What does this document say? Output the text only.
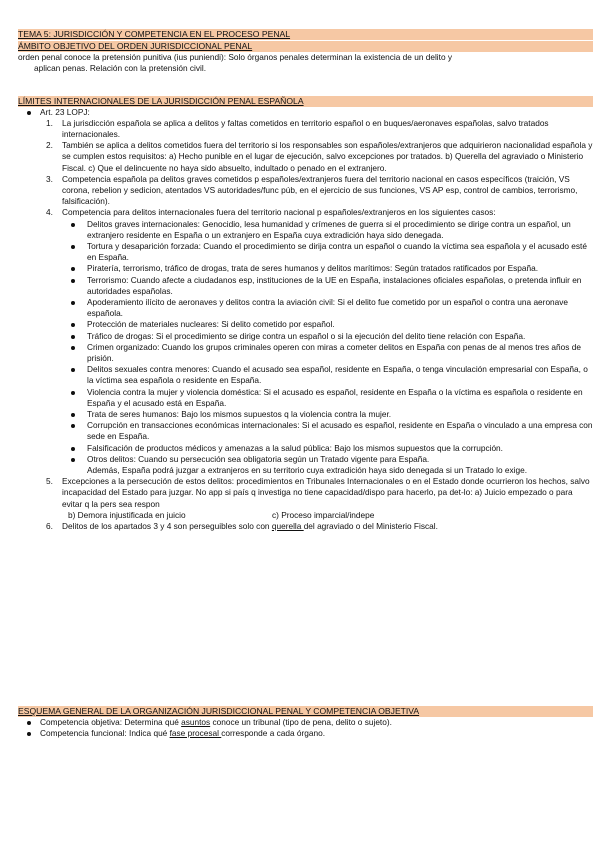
TEMA 5: JURISDICCIÓN Y COMPETENCIA EN EL PROCESO PENAL
ÁMBITO OBJETIVO DEL ORDEN JURISDICCIONAL PENAL

orden penal conoce la pretensión punitiva (ius puniendi): Solo órganos penales determinan la existencia de un delito y

aplican penas. Relación con la pretensión civil.

LÍMITES INTERNACIONALES DE LA JURISDICCIÓN PENAL ESPAÑOLA

Art. 23 LOPJ:

1. La jurisdicción española se aplica a delitos y faltas cometidos en territorio español o en buques/aeronaves españolas, salvo tratados internacionales.
2. También se aplica a delitos cometidos fuera del territorio si los responsables son españoles/extranjeros que adquirieron nacionalidad española y se cumplen estos requisitos: a) Hecho punible en el lugar de ejecución, salvo excepciones por tratados. b) Querella del agraviado o Ministerio Fiscal. c) Que el delincuente no haya sido absuelto, indultado o penado en el extranjero.
3. Competencia española pa delitos graves cometidos p españoles/extranjeros fuera del territorio nacional en casos específicos (traición, VS corona, rebelion y sedicion, atentados VS autoridades/func púb, en el ejercicio de sus funciones, VS AP esp, control de cambios, terrorismo, falsificación).
4. Competencia para delitos internacionales fuera del territorio nacional p españoles/extranjeros en los siguientes casos:
Delitos graves internacionales: Genocidio, lesa humanidad y crímenes de guerra si el procedimiento se dirige contra un español, un extranjero residente en España o un extranjero en España cuya extradición haya sido denegada.
Tortura y desaparición forzada: Cuando el procedimiento se dirija contra un español o cuando la víctima sea española y el acusado esté en España.
Piratería, terrorismo, tráfico de drogas, trata de seres humanos y delitos marítimos: Según tratados ratificados por España.
Terrorismo: Cuando afecte a ciudadanos esp, instituciones de la UE en España, instalaciones oficiales españolas, o pretenda influir en autoridades españolas.
Apoderamiento ilícito de aeronaves y delitos contra la aviación civil: Si el delito fue cometido por un español o contra una aeronave española.
Protección de materiales nucleares: Si delito cometido por español.
Tráfico de drogas: Si el procedimiento se dirige contra un español o si la ejecución del delito tiene relación con España.
Crimen organizado: Cuando los grupos criminales operen con miras a cometer delitos en España con penas de al menos tres años de prisión.
Delitos sexuales contra menores: Cuando el acusado sea español, residente en España, o tenga vinculación empresarial con España, o la víctima sea española o residente en España.
Violencia contra la mujer y violencia doméstica: Si el acusado es español, residente en España o la víctima es española o residente en España y el acusado está en España.
Trata de seres humanos: Bajo los mismos supuestos q la violencia contra la mujer.
Corrupción en transacciones económicas internacionales: Si el acusado es español, residente en España o vinculado a una empresa con sede en España.
Falsificación de productos médicos y amenazas a la salud pública: Bajo los mismos supuestos que la corrupción.
Otros delitos: Cuando su persecución sea obligatoria según un Tratado vigente para España.
Además, España podrá juzgar a extranjeros en su territorio cuya extradición haya sido denegada si un Tratado lo exige.
5. Excepciones a la persecución de estos delitos: procedimientos en Tribunales Internacionales o en el Estado donde ocurrieron los hechos, salvo incapacidad del Estado para juzgar. No app si país q investiga no tiene capacidad/dispo para hacerlo, pa det-lo: a) Juicio empezado o para evitar q la pers sea respon
b) Demora injustificada en juicio	c) Proceso imparcial/indepe
6. Delitos de los apartados 3 y 4 son perseguibles solo con querella del agraviado o del Ministerio Fiscal.
ESQUEMA GENERAL DE LA ORGANIZACIÓN JURISDICCIONAL PENAL Y COMPETENCIA OBJETIVA

Competencia objetiva: Determina qué asuntos conoce un tribunal (tipo de pena, delito o sujeto).

Competencia funcional: Indica qué fase procesal corresponde a cada órgano.
